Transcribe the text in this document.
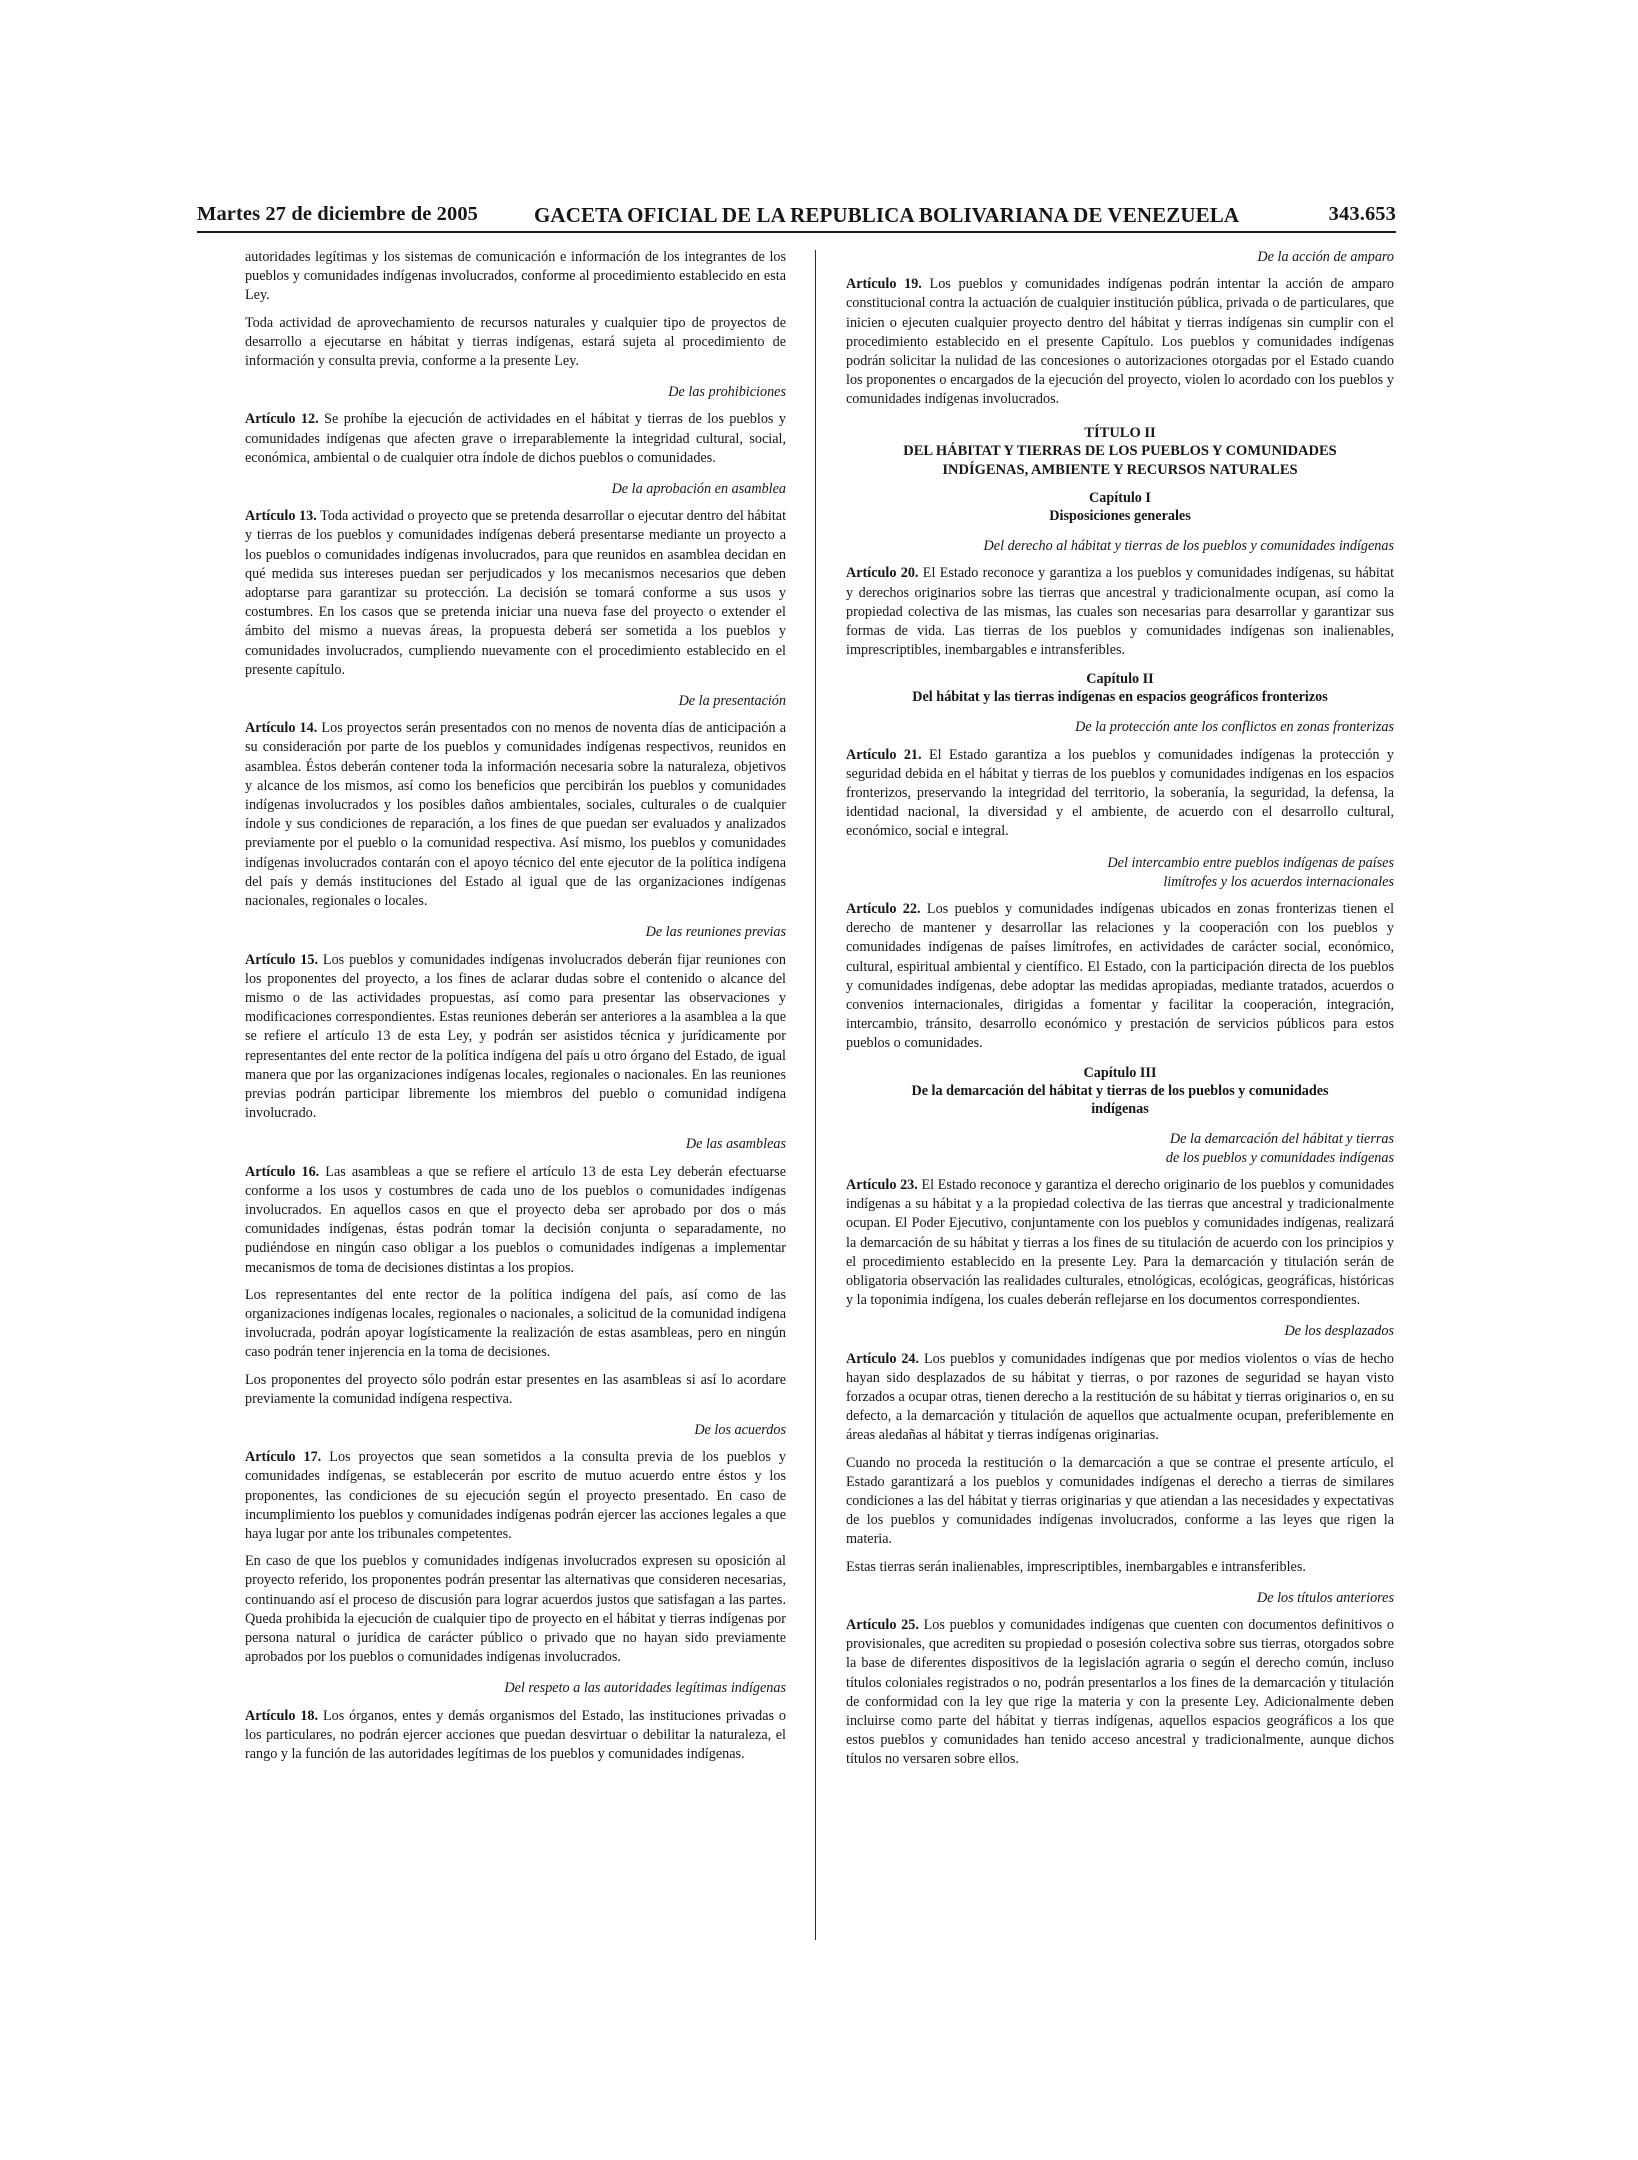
Martes 27 de diciembre de 2005	GACETA OFICIAL DE LA REPUBLICA BOLIVARIANA DE VENEZUELA	343.653

autoridades legítimas y los sistemas de comunicación e información de los integrantes de los pueblos y comunidades indígenas involucrados, conforme al procedimiento establecido en esta Ley.

Toda actividad de aprovechamiento de recursos naturales y cualquier tipo de proyectos de desarrollo a ejecutarse en hábitat y tierras indígenas, estará sujeta al procedimiento de información y consulta previa, conforme a la presente Ley.

De las prohibiciones

Artículo 12. Se prohíbe la ejecución de actividades en el hábitat y tierras de los pueblos y comunidades indígenas que afecten grave o irreparablemente la integridad cultural, social, económica, ambiental o de cualquier otra índole de dichos pueblos o comunidades.

De la aprobación en asamblea

Artículo 13. Toda actividad o proyecto que se pretenda desarrollar o ejecutar dentro del hábitat y tierras de los pueblos y comunidades indígenas deberá presentarse mediante un proyecto a los pueblos o comunidades indígenas involucrados, para que reunidos en asamblea decidan en qué medida sus intereses puedan ser perjudicados y los mecanismos necesarios que deben adoptarse para garantizar su protección. La decisión se tomará conforme a sus usos y costumbres. En los casos que se pretenda iniciar una nueva fase del proyecto o extender el ámbito del mismo a nuevas áreas, la propuesta deberá ser sometida a los pueblos y comunidades involucrados, cumpliendo nuevamente con el procedimiento establecido en el presente capítulo.

De la presentación

Artículo 14. Los proyectos serán presentados con no menos de noventa días de anticipación a su consideración por parte de los pueblos y comunidades indígenas respectivos, reunidos en asamblea. Éstos deberán contener toda la información necesaria sobre la naturaleza, objetivos y alcance de los mismos, así como los beneficios que percibirán los pueblos y comunidades indígenas involucrados y los posibles daños ambientales, sociales, culturales o de cualquier índole y sus condiciones de reparación, a los fines de que puedan ser evaluados y analizados previamente por el pueblo o la comunidad respectiva. Así mismo, los pueblos y comunidades indígenas involucrados contarán con el apoyo técnico del ente ejecutor de la política indígena del país y demás instituciones del Estado al igual que de las organizaciones indígenas nacionales, regionales o locales.

De las reuniones previas

Artículo 15. Los pueblos y comunidades indígenas involucrados deberán fijar reuniones con los proponentes del proyecto, a los fines de aclarar dudas sobre el contenido o alcance del mismo o de las actividades propuestas, así como para presentar las observaciones y modificaciones correspondientes. Estas reuniones deberán ser anteriores a la asamblea a la que se refiere el artículo 13 de esta Ley, y podrán ser asistidos técnica y jurídicamente por representantes del ente rector de la política indígena del país u otro órgano del Estado, de igual manera que por las organizaciones indígenas locales, regionales o nacionales. En las reuniones previas podrán participar libremente los miembros del pueblo o comunidad indígena involucrado.

De las asambleas

Artículo 16. Las asambleas a que se refiere el artículo 13 de esta Ley deberán efectuarse conforme a los usos y costumbres de cada uno de los pueblos o comunidades indígenas involucrados. En aquellos casos en que el proyecto deba ser aprobado por dos o más comunidades indígenas, éstas podrán tomar la decisión conjunta o separadamente, no pudiéndose en ningún caso obligar a los pueblos o comunidades indígenas a implementar mecanismos de toma de decisiones distintas a los propios.

Los representantes del ente rector de la política indígena del país, así como de las organizaciones indígenas locales, regionales o nacionales, a solicitud de la comunidad indígena involucrada, podrán apoyar logísticamente la realización de estas asambleas, pero en ningún caso podrán tener injerencia en la toma de decisiones.

Los proponentes del proyecto sólo podrán estar presentes en las asambleas si así lo acordare previamente la comunidad indígena respectiva.

De los acuerdos

Artículo 17. Los proyectos que sean sometidos a la consulta previa de los pueblos y comunidades indígenas, se establecerán por escrito de mutuo acuerdo entre éstos y los proponentes, las condiciones de su ejecución según el proyecto presentado. En caso de incumplimiento los pueblos y comunidades indígenas podrán ejercer las acciones legales a que haya lugar por ante los tribunales competentes.

En caso de que los pueblos y comunidades indígenas involucrados expresen su oposición al proyecto referido, los proponentes podrán presentar las alternativas que consideren necesarias, continuando así el proceso de discusión para lograr acuerdos justos que satisfagan a las partes. Queda prohibida la ejecución de cualquier tipo de proyecto en el hábitat y tierras indígenas por persona natural o jurídica de carácter público o privado que no hayan sido previamente aprobados por los pueblos o comunidades indígenas involucrados.

Del respeto a las autoridades legítimas indígenas

Artículo 18. Los órganos, entes y demás organismos del Estado, las instituciones privadas o los particulares, no podrán ejercer acciones que puedan desvirtuar o debilitar la naturaleza, el rango y la función de las autoridades legítimas de los pueblos y comunidades indígenas.

De la acción de amparo

Artículo 19. Los pueblos y comunidades indígenas podrán intentar la acción de amparo constitucional contra la actuación de cualquier institución pública, privada o de particulares, que inicien o ejecuten cualquier proyecto dentro del hábitat y tierras indígenas sin cumplir con el procedimiento establecido en el presente Capítulo. Los pueblos y comunidades indígenas podrán solicitar la nulidad de las concesiones o autorizaciones otorgadas por el Estado cuando los proponentes o encargados de la ejecución del proyecto, violen lo acordado con los pueblos y comunidades indígenas involucrados.

TÍTULO II
DEL HÁBITAT Y TIERRAS DE LOS PUEBLOS Y COMUNIDADES
INDÍGENAS, AMBIENTE Y RECURSOS NATURALES
Capítulo I
Disposiciones generales
Del derecho al hábitat y tierras de los pueblos y comunidades indígenas

Artículo 20. El Estado reconoce y garantiza a los pueblos y comunidades indígenas, su hábitat y derechos originarios sobre las tierras que ancestral y tradicionalmente ocupan, así como la propiedad colectiva de las mismas, las cuales son necesarias para desarrollar y garantizar sus formas de vida. Las tierras de los pueblos y comunidades indígenas son inalienables, imprescriptibles, inembargables e intransferibles.

Capítulo II
Del hábitat y las tierras indígenas en espacios geográficos fronterizos
De la protección ante los conflictos en zonas fronterizas

Artículo 21. El Estado garantiza a los pueblos y comunidades indígenas la protección y seguridad debida en el hábitat y tierras de los pueblos y comunidades indígenas en los espacios fronterizos, preservando la integridad del territorio, la soberanía, la seguridad, la defensa, la identidad nacional, la diversidad y el ambiente, de acuerdo con el desarrollo cultural, económico, social e integral.

Del intercambio entre pueblos indígenas de países
limítrofes y los acuerdos internacionales

Artículo 22. Los pueblos y comunidades indígenas ubicados en zonas fronterizas tienen el derecho de mantener y desarrollar las relaciones y la cooperación con los pueblos y comunidades indígenas de países limítrofes, en actividades de carácter social, económico, cultural, espiritual ambiental y científico. El Estado, con la participación directa de los pueblos y comunidades indígenas, debe adoptar las medidas apropiadas, mediante tratados, acuerdos o convenios internacionales, dirigidas a fomentar y facilitar la cooperación, integración, intercambio, tránsito, desarrollo económico y prestación de servicios públicos para estos pueblos o comunidades.

Capítulo III
De la demarcación del hábitat y tierras de los pueblos y comunidades
indígenas
De la demarcación del hábitat y tierras
de los pueblos y comunidades indígenas

Artículo 23. El Estado reconoce y garantiza el derecho originario de los pueblos y comunidades indígenas a su hábitat y a la propiedad colectiva de las tierras que ancestral y tradicionalmente ocupan. El Poder Ejecutivo, conjuntamente con los pueblos y comunidades indígenas, realizará la demarcación de su hábitat y tierras a los fines de su titulación de acuerdo con los principios y el procedimiento establecido en la presente Ley. Para la demarcación y titulación serán de obligatoria observación las realidades culturales, etnológicas, ecológicas, geográficas, históricas y la toponimia indígena, los cuales deberán reflejarse en los documentos correspondientes.

De los desplazados

Artículo 24. Los pueblos y comunidades indígenas que por medios violentos o vías de hecho hayan sido desplazados de su hábitat y tierras, o por razones de seguridad se hayan visto forzados a ocupar otras, tienen derecho a la restitución de su hábitat y tierras originarios o, en su defecto, a la demarcación y titulación de aquellos que actualmente ocupan, preferiblemente en áreas aledañas al hábitat y tierras indígenas originarias.

Cuando no proceda la restitución o la demarcación a que se contrae el presente artículo, el Estado garantizará a los pueblos y comunidades indígenas el derecho a tierras de similares condiciones a las del hábitat y tierras originarias y que atiendan a las necesidades y expectativas de los pueblos y comunidades indígenas involucrados, conforme a las leyes que rigen la materia.

Estas tierras serán inalienables, imprescriptibles, inembargables e intransferibles.

De los títulos anteriores

Artículo 25. Los pueblos y comunidades indígenas que cuenten con documentos definitivos o provisionales, que acrediten su propiedad o posesión colectiva sobre sus tierras, otorgados sobre la base de diferentes dispositivos de la legislación agraria o según el derecho común, incluso títulos coloniales registrados o no, podrán presentarlos a los fines de la demarcación y titulación de conformidad con la ley que rige la materia y con la presente Ley. Adicionalmente deben incluirse como parte del hábitat y tierras indígenas, aquellos espacios geográficos a los que estos pueblos y comunidades han tenido acceso ancestral y tradicionalmente, aunque dichos títulos no versaren sobre ellos.
